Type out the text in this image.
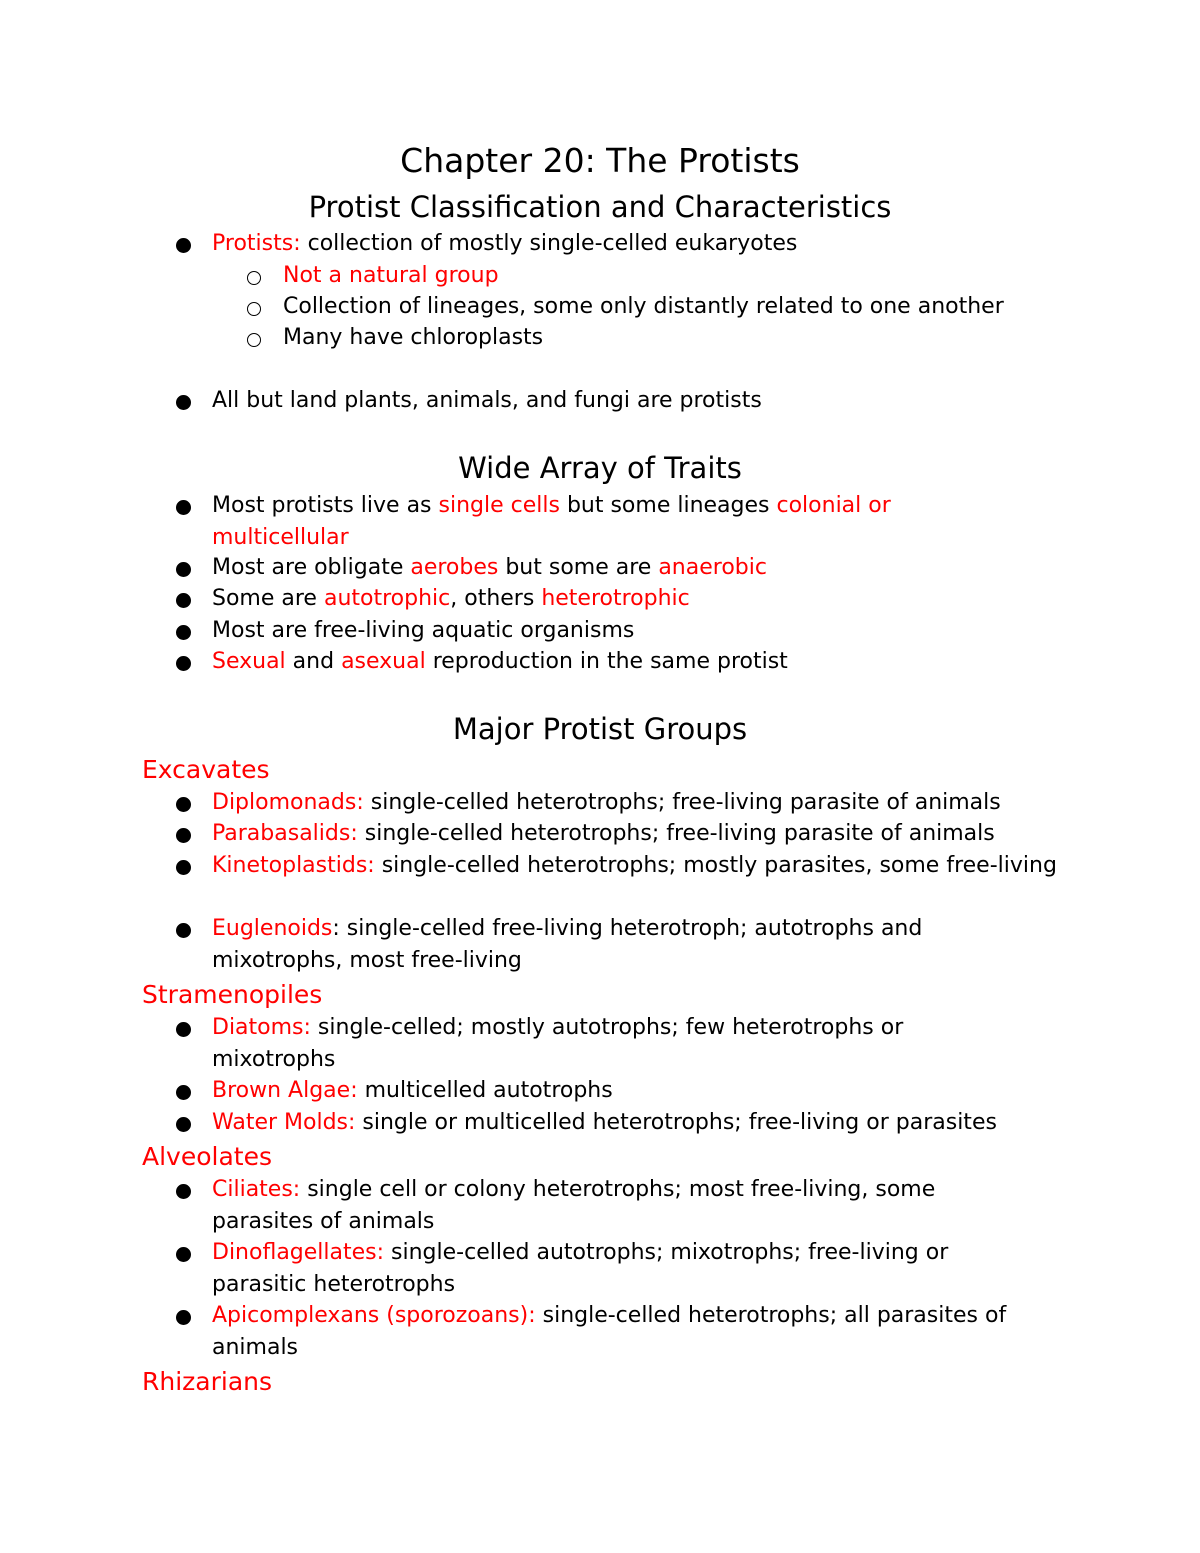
Chapter 20: The Protists
Protist Classification and Characteristics

Protists: collection of mostly single-celled eukaryotes

Not a natural group

Collection of lineages, some only distantly related to one another

Many have chloroplasts

All but land plants, animals, and fungi are protists

Wide Array of Traits

Most protists live as single cells but some lineages colonial or multicellular

Most are obligate aerobes but some are anaerobic

Some are autotrophic, others heterotrophic

Most are free-living aquatic organisms

Sexual and asexual reproduction in the same protist

Major Protist Groups
Excavates

Diplomonads: single-celled heterotrophs; free-living parasite of animals

Parabasalids: single-celled heterotrophs; free-living parasite of animals

Kinetoplastids: single-celled heterotrophs; mostly parasites, some free-living

Euglenoids: single-celled free-living heterotroph; autotrophs and mixotrophs, most free-living

Stramenopiles

Diatoms: single-celled; mostly autotrophs; few heterotrophs or mixotrophs

Brown Algae: multicelled autotrophs

Water Molds: single or multicelled heterotrophs; free-living or parasites

Alveolates

Ciliates: single cell or colony heterotrophs; most free-living, some parasites of animals

Dinoflagellates: single-celled autotrophs; mixotrophs; free-living or parasitic heterotrophs

Apicomplexans (sporozoans): single-celled heterotrophs; all parasites of animals

Rhizarians
